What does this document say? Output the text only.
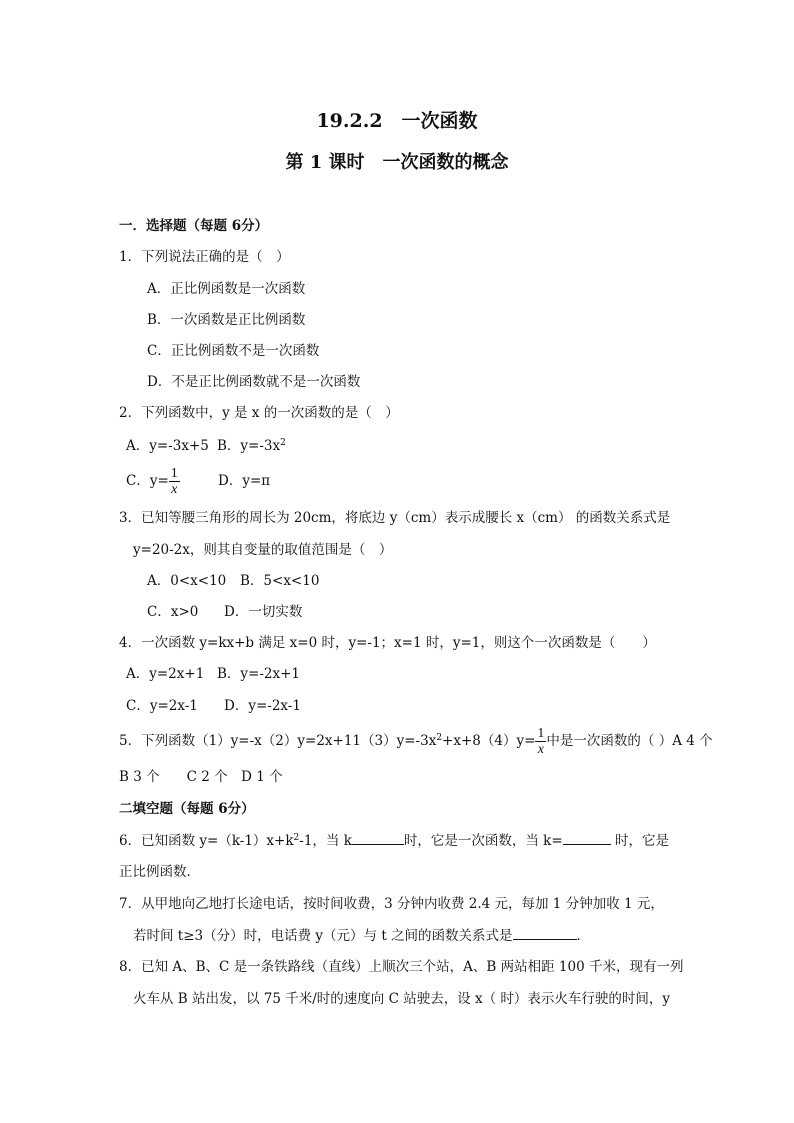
19.2.2　一次函数
第 1 课时　一次函数的概念
一．选择题（每题 6分）
1．下列说法正确的是（　）
A．正比例函数是一次函数
B．一次函数是正比例函数
C．正比例函数不是一次函数
D．不是正比例函数就不是一次函数
2．下列函数中，y 是 x 的一次函数的是（　）
A．y=-3x+5 B．$y=-3x^2$
C．$y= \frac{1}{x}$	D．y=π
3．已知等腰三角形的周长为 20cm，将底边 y（cm）表示成腰长 x（cm） 的函数关系式是
y=20-2x，则其自变量的取值范围是（　）
A．0<x<10 B．5<x<10
C．x>0 D．一切实数
4．一次函数 y=kx+b 满足 x=0 时，y=-1；x=1 时，y=1，则这个一次函数是（　　）
A．y=2x+1 B．y=-2x+1
C．y=2x-1 D．y=-2x-1
5．下列函数$(1)y=-x(2)y=2x+11(3)y=-3x^2+x+8(4)y= \frac{1}{x}$ 中是一次函数的（ ）A 4 个
B 3 个　　C 2 个　D 1 个
二填空题（每题 6分）
6．已知函数 $y=(k-1)x+k^2-1$，当 k	时，它是一次函数，当 k=	时，它是
正比例函数．
7．从甲地向乙地打长途电话，按时间收费，3 分钟内收费 2.4 元，每加 1 分钟加收 1 元，
若时间 t≥3（分）时，电话费 y（元）与 t 之间的函数关系式是	．
8．已知 A、B、C 是一条铁路线（直线）上顺次三个站，A、B 两站相距 100 千米，现有一列
火车从 B 站出发，以 75 千米/时的速度向 C 站驶去，设 x（ 时）表示火车行驶的时间，y
